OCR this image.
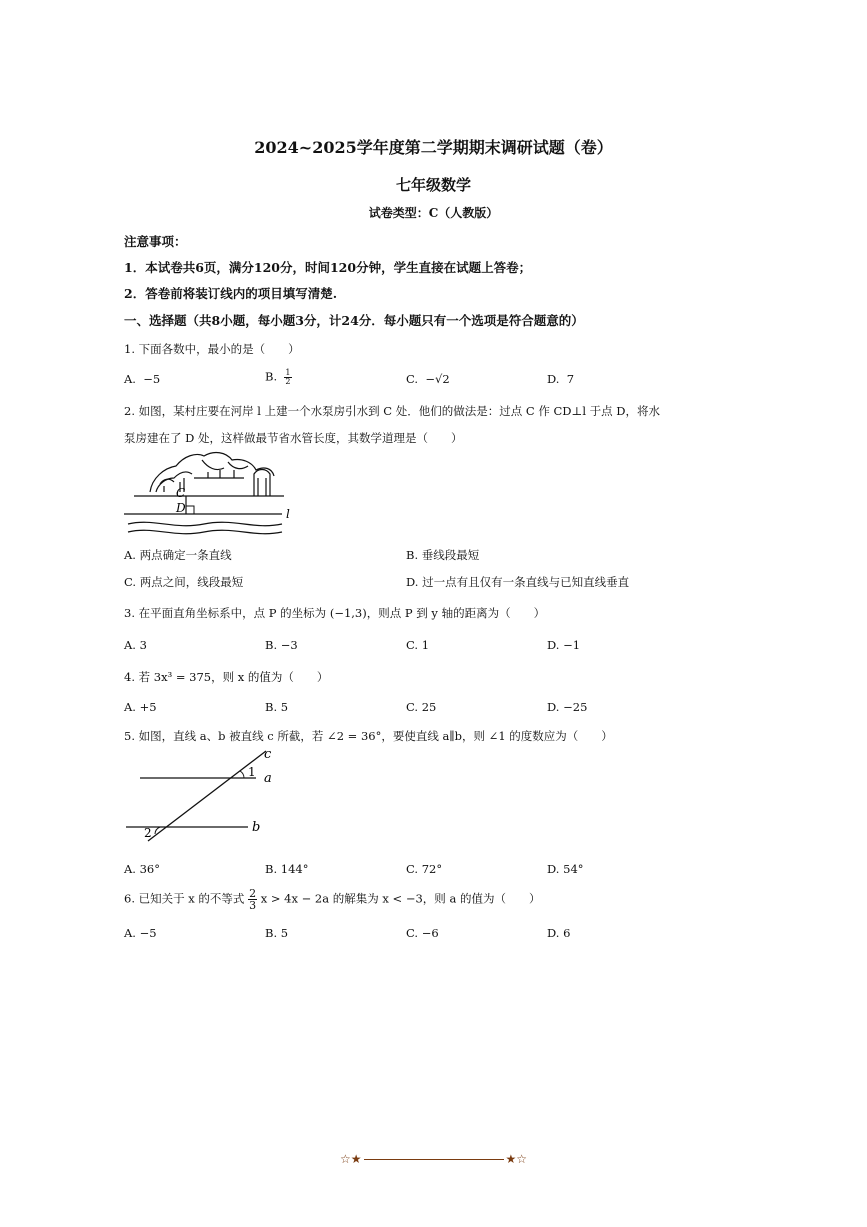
2024~2025学年度第二学期期末调研试题（卷）
七年级数学
试卷类型：C（人教版）
注意事项：
1．本试卷共6页，满分120分，时间120分钟，学生直接在试题上答卷；
2．答卷前将装订线内的项目填写清楚.
一、选择题（共8小题，每小题3分，计24分．每小题只有一个选项是符合题意的）
1. 下面各数中，最小的是（　　）
A. −5	B. $\frac{1}{2}$	C. −√2	D. 7
2. 如图，某村庄要在河岸 l 上建一个水泵房引水到 C 处．他们的做法是：过点 C 作 CD⊥l 于点 D，将水
泵房建在了 D 处，这样做最节省水管长度，其数学道理是（　　）
C
D	l
A. 两点确定一条直线	B. 垂线段最短
C. 两点之间，线段最短	D. 过一点有且仅有一条直线与已知直线垂直
3. 在平面直角坐标系中，点 P 的坐标为 (−1,3)，则点 P 到 y 轴的距离为（　　）
A. 3	B. −3	C. 1	D. −1
4. 若 3x³ = 375，则 x 的值为（　　）
A. +5	B. 5	C. 25	D. −25
5. 如图，直线 a、b 被直线 c 所截，若 ∠2 = 36°，要使直线 a∥b，则 ∠1 的度数应为（　　）
1
2
a
b
c
A. 36°	B. 144°	C. 72°	D. 54°
6. 已知关于 x 的不等式 $\frac{2}{3}$ x > 4x − 2a 的解集为 x < −3，则 a 的值为（　　）
A. −5	B. 5	C. −6	D. 6
☆★	★☆
